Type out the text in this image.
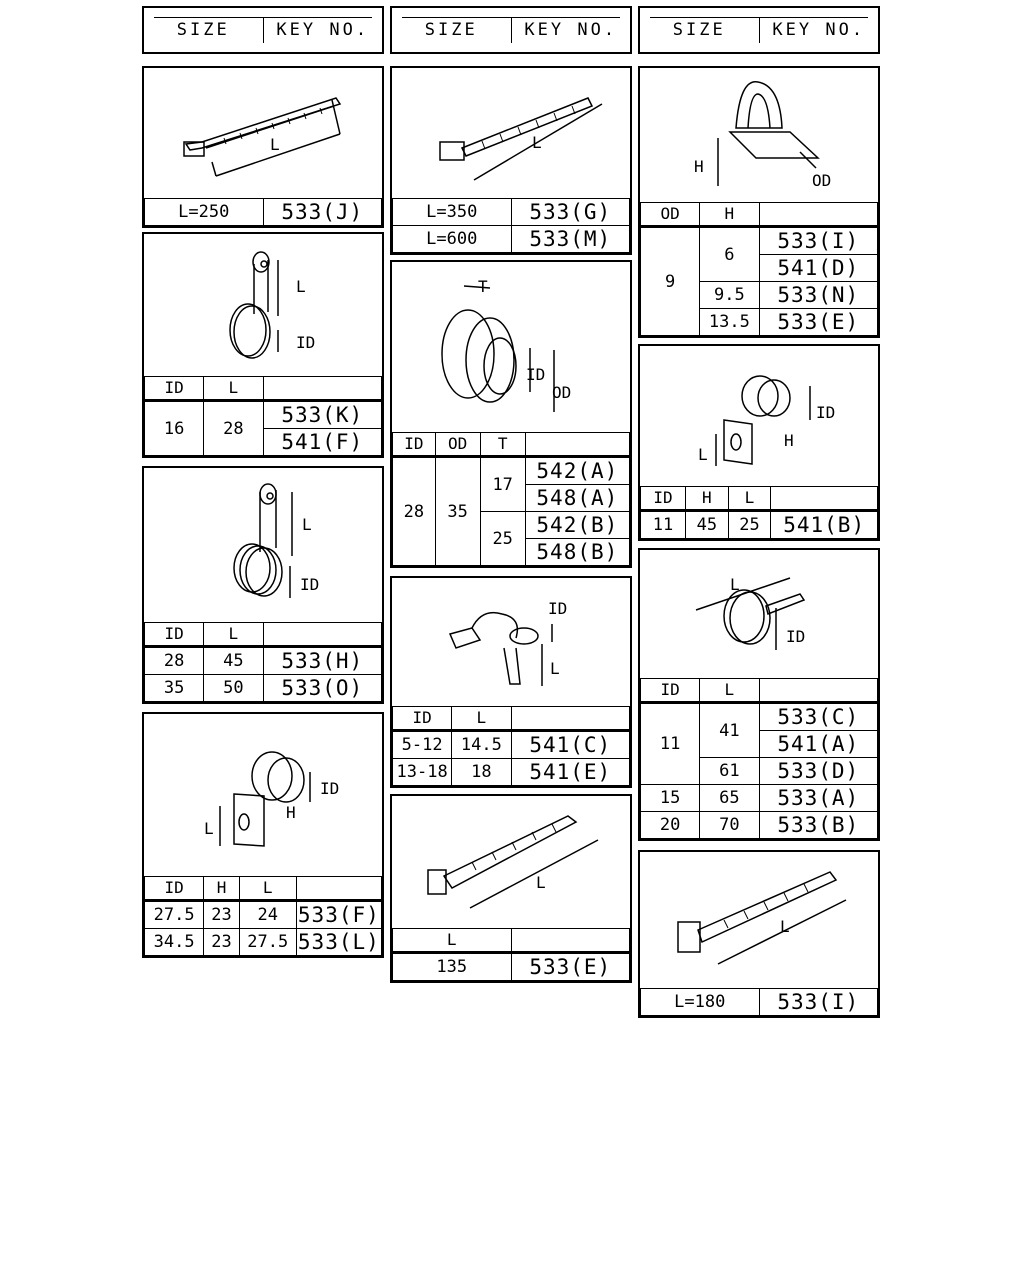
SIZE	KEY NO.
L
L=250	533(J)
L
ID
ID	L	
16	28	533(K)
		541(F)
L
ID
ID	L	
28	45	533(H)
35	50	533(O)
L
ID
H
ID	H	L	
27.5	23	24	533(F)
34.5	23	27.5	533(L)
SIZE	KEY NO.
L
L=350	533(G)
L=600	533(M)
T
ID
OD
ID	OD	T	
28	35	17	542(A)
			548(A)
		25	542(B)
			548(B)
ID
L
ID	L	
5-12	14.5	541(C)
13-18	18	541(E)
L
L	
135	533(E)
SIZE	KEY NO.
H
OD
OD	H	
9	6	533(I)
		541(D)
	9.5	533(N)
	13.5	533(E)
L
ID
H
ID	H	L	
11	45	25	541(B)
L
ID
ID	L	
11	41	533(C)
		541(A)
	61	533(D)
15	65	533(A)
20	70	533(B)
L
L=180	533(I)
